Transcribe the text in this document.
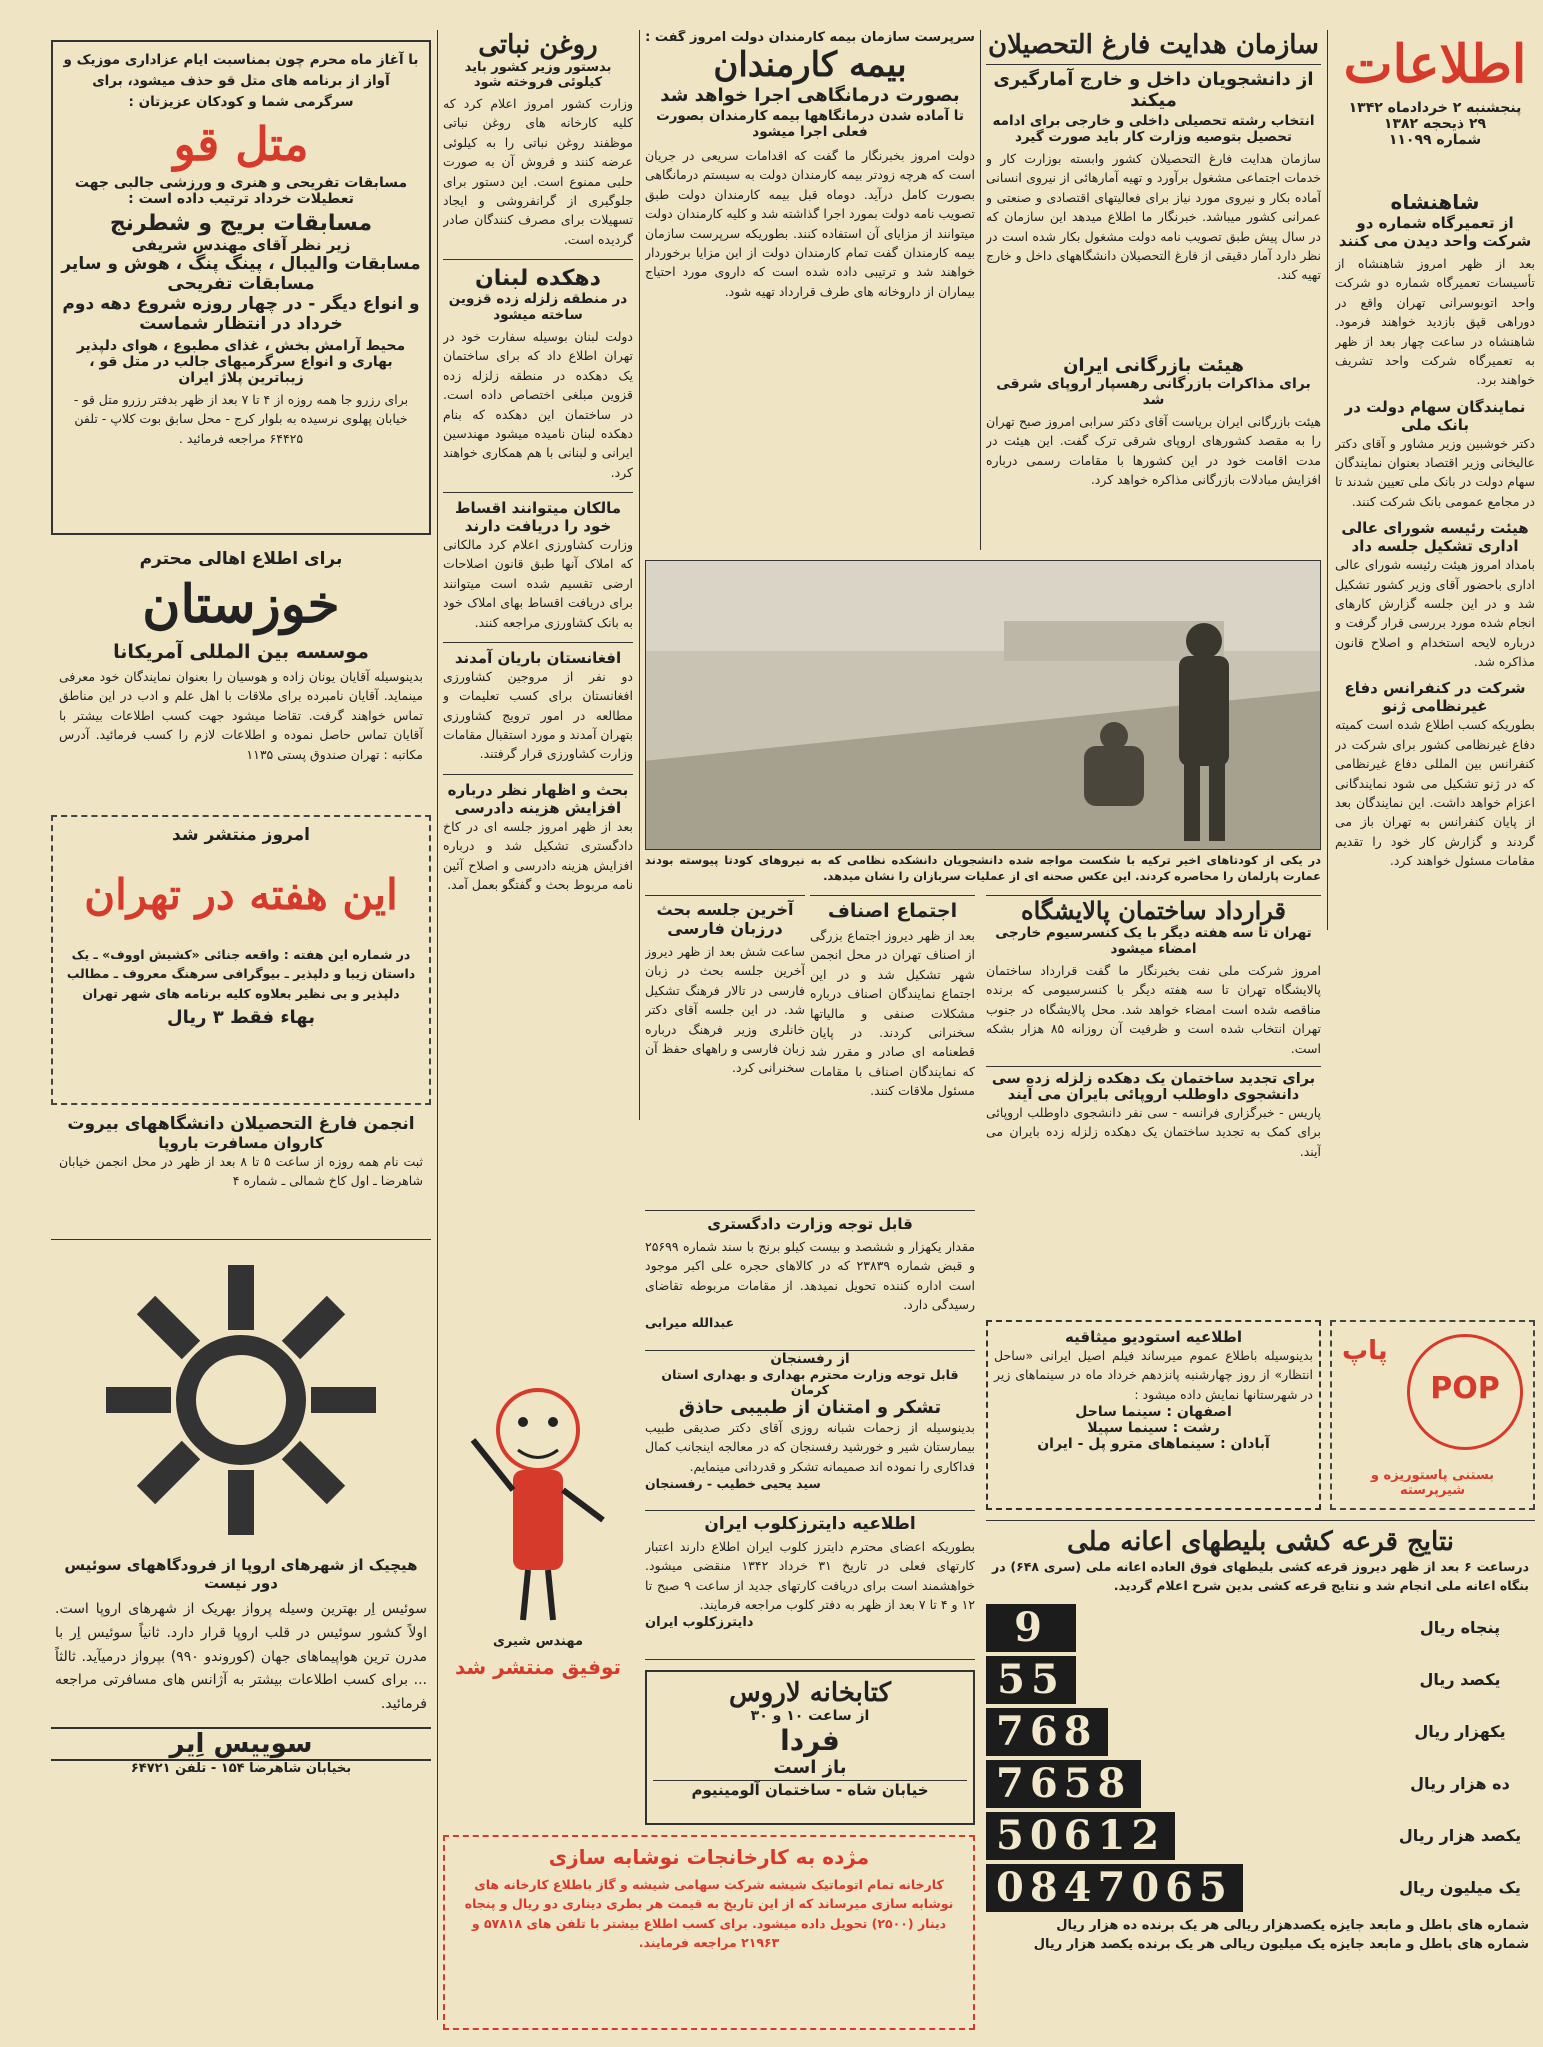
اطلاعات
پنجشنبه ۲ خردادماه ۱۳۴۲
۲۹ ذیحجه ۱۳۸۲
شماره ۱۱۰۹۹
شاهنشاه
از تعمیرگاه شماره دو شرکت واحد دیدن می کنند

بعد از ظهر امروز شاهنشاه از تأسیسات تعمیرگاه شماره دو شرکت واحد اتوبوسرانی تهران واقع در دوراهی قپق بازدید خواهند فرمود. شاهنشاه در ساعت چهار بعد از ظهر به تعمیرگاه شرکت واحد تشریف خواهند برد.

نمایندگان سهام دولت در بانک ملی

دکتر خوشبین وزیر مشاور و آقای دکتر عالیخانی وزیر اقتصاد بعنوان نمایندگان سهام دولت در بانک ملی تعیین شدند تا در مجامع عمومی بانک شرکت کنند.

هیئت رئیسه شورای عالی اداری تشکیل جلسه داد

بامداد امروز هیئت رئیسه شورای عالی اداری باحضور آقای وزیر کشور تشکیل شد و در این جلسه گزارش کارهای انجام شده مورد بررسی قرار گرفت و درباره لایحه استخدام و اصلاح قانون مذاکره شد.

شرکت در کنفرانس دفاع غیرنظامی ژنو

بطوریکه کسب اطلاع شده است کمیته دفاع غیرنظامی کشور برای شرکت در کنفرانس بین المللی دفاع غیرنظامی که در ژنو تشکیل می شود نمایندگانی اعزام خواهد داشت. این نمایندگان بعد از پایان کنفرانس به تهران باز می گردند و گزارش کار خود را تقدیم مقامات مسئول خواهند کرد.

سازمان هدایت فارغ التحصیلان
از دانشجویان داخل و خارج آمارگیری میکند
انتخاب رشته تحصیلی داخلی و خارجی برای ادامه تحصیل بتوصیه وزارت کار باید صورت گیرد

سازمان هدایت فارغ التحصیلان کشور وابسته بوزارت کار و خدمات اجتماعی مشغول برآورد و تهیه آمارهائی از نیروی انسانی آماده بکار و نیروی مورد نیاز برای فعالیتهای اقتصادی و صنعتی و عمرانی کشور میباشد. خبرنگار ما اطلاع میدهد این سازمان که در سال پیش طبق تصویب نامه دولت مشغول بکار شده است در نظر دارد آمار دقیقی از فارغ التحصیلان دانشگاههای داخل و خارج تهیه کند.

هیئت بازرگانی ایران
برای مذاکرات بازرگانی رهسپار اروپای شرقی شد

هیئت بازرگانی ایران بریاست آقای دکتر سرابی امروز صبح تهران را به مقصد کشورهای اروپای شرقی ترک گفت. این هیئت در مدت اقامت خود در این کشورها با مقامات رسمی درباره افزایش مبادلات بازرگانی مذاکره خواهد کرد.

سرپرست سازمان بیمه کارمندان دولت امروز گفت :
بیمه کارمندان
بصورت درمانگاهی اجرا خواهد شد
تا آماده شدن درمانگاهها بیمه کارمندان بصورت فعلی اجرا میشود

دولت امروز بخبرنگار ما گفت که اقدامات سریعی در جریان است که هرچه زودتر بیمه کارمندان دولت به سیستم درمانگاهی بصورت کامل درآید. دوماه قبل بیمه کارمندان دولت طبق تصویب نامه دولت بمورد اجرا گذاشته شد و کلیه کارمندان دولت میتوانند از مزایای آن استفاده کنند. بطوریکه سرپرست سازمان بیمه کارمندان گفت تمام کارمندان دولت از این مزایا برخوردار خواهند شد و ترتیبی داده شده است که داروی مورد احتیاج بیماران از داروخانه های طرف قرارداد تهیه شود.

روغن نباتی
بدستور وزیر کشور باید کیلوئی فروخته شود

وزارت کشور امروز اعلام کرد که کلیه کارخانه های روغن نباتی موظفند روغن نباتی را به کیلوئی عرضه کنند و فروش آن به صورت حلبی ممنوع است. این دستور برای جلوگیری از گرانفروشی و ایجاد تسهیلات برای مصرف کنندگان صادر گردیده است.

دهکده لبنان
در منطقه زلزله زده قزوین ساخته میشود

دولت لبنان بوسیله سفارت خود در تهران اطلاع داد که برای ساختمان یک دهکده در منطقه زلزله زده قزوین مبلغی اختصاص داده است. در ساختمان این دهکده که بنام دهکده لبنان نامیده میشود مهندسین ایرانی و لبنانی با هم همکاری خواهند کرد.

مالکان میتوانند اقساط خود را دریافت دارند

وزارت کشاورزی اعلام کرد مالکانی که املاک آنها طبق قانون اصلاحات ارضی تقسیم شده است میتوانند برای دریافت اقساط بهای املاک خود به بانک کشاورزی مراجعه کنند.

افغانستان باریان آمدند

دو نفر از مروجین کشاورزی افغانستان برای کسب تعلیمات و مطالعه در امور ترویج کشاورزی بتهران آمدند و مورد استقبال مقامات وزارت کشاورزی قرار گرفتند.

بحث و اظهار نظر درباره افزایش هزینه دادرسی

بعد از ظهر امروز جلسه ای در کاخ دادگستری تشکیل شد و درباره افزایش هزینه دادرسی و اصلاح آئین نامه مربوط بحث و گفتگو بعمل آمد.

با آغاز ماه محرم چون بمناسبت ایام عزاداری موزیک و آواز از برنامه های متل قو حذف میشود، برای سرگرمی شما و کودکان عزیزتان :

متل قو
مسابقات تفریحی و هنری و ورزشی جالبی جهت تعطیلات خرداد ترتیب داده است :
مسابقات بریج و شطرنج
زیر نظر آقای مهندس شریفی
مسابقات والیبال ، پینگ پنگ ، هوش و سایر مسابقات تفریحی
و انواع دیگر - در چهار روزه شروع دهه دوم خرداد در انتظار شماست
محیط آرامش بخش ، غذای مطبوع ، هوای دلپذیر بهاری و انواع سرگرمیهای جالب در متل قو ، زیباترین پلاژ ایران

برای رزرو جا همه روزه از ۴ تا ۷ بعد از ظهر بدفتر رزرو متل قو - خیابان پهلوی نرسیده به بلوار کرج - محل سابق بوت کلاپ - تلفن ۶۴۴۲۵ مراجعه فرمائید .

برای اطلاع اهالی محترم
خوزستان
موسسه بین المللی آمریکانا

بدینوسیله آقایان یونان زاده و هوسیان را بعنوان نمایندگان خود معرفی مینماید. آقایان نامبرده برای ملاقات با اهل علم و ادب در این مناطق تماس خواهند گرفت. تقاضا میشود جهت کسب اطلاعات بیشتر با آقایان تماس حاصل نموده و اطلاعات لازم را کسب فرمائید. آدرس مکاتبه : تهران صندوق پستی ۱۱۳۵

امروز منتشر شد
این هفته در تهران

در شماره این هفته : واقعه جنائی «کشیش اووف» ـ یک داستان زیبا و دلپذیر ـ بیوگرافی سرهنگ معروف ـ مطالب دلپذیر و بی نظیر بعلاوه کلیه برنامه های شهر تهران

بهاء فقط ۳ ریال
انجمن فارغ التحصیلان دانشگاههای بیروت
کاروان مسافرت باروپا

ثبت نام همه روزه از ساعت ۵ تا ۸ بعد از ظهر در محل انجمن خیابان شاهرضا ـ اول کاخ شمالی ـ شماره ۴

هیچیک از شهرهای اروپا از فرودگاههای سوئیس دور نیست

سوئیس اِر بهترین وسیله پرواز بهریک از شهرهای اروپا است. اولاً کشور سوئیس در قلب اروپا قرار دارد. ثانیاً سوئیس اِر با مدرن ترین هواپیماهای جهان (کوروندو ۹۹۰) بپرواز درمیآید. ثالثاً ... برای کسب اطلاعات بیشتر به آژانس های مسافرتی مراجعه فرمائید.

سوییس اِیر
بخیابان شاهرضا ۱۵۴ - تلفن ۶۴۷۲۱

در یکی از کودتاهای اخیر ترکیه با شکست مواجه شده دانشجویان دانشکده نظامی که به نیروهای کودتا پیوسته بودند عمارت پارلمان را محاصره کردند. این عکس صحنه ای از عملیات سربازان را نشان میدهد.

قرارداد ساختمان پالایشگاه
تهران تا سه هفته دیگر با یک کنسرسیوم خارجی امضاء میشود

امروز شرکت ملی نفت بخبرنگار ما گفت قرارداد ساختمان پالایشگاه تهران تا سه هفته دیگر با کنسرسیومی که برنده مناقصه شده است امضاء خواهد شد. محل پالایشگاه در جنوب تهران انتخاب شده است و ظرفیت آن روزانه ۸۵ هزار بشکه است.

برای تجدید ساختمان یک دهکده زلزله زده سی دانشجوی داوطلب اروپائی بایران می آیند

پاریس - خبرگزاری فرانسه - سی نفر دانشجوی داوطلب اروپائی برای کمک به تجدید ساختمان یک دهکده زلزله زده بایران می آیند.

اجتماع اصناف

بعد از ظهر دیروز اجتماع بزرگی از اصناف تهران در محل انجمن شهر تشکیل شد و در این اجتماع نمایندگان اصناف درباره مشکلات صنفی و مالیاتها سخنرانی کردند. در پایان قطعنامه ای صادر و مقرر شد که نمایندگان اصناف با مقامات مسئول ملاقات کنند.

آخرین جلسه بحث درزبان فارسی

ساعت شش بعد از ظهر دیروز آخرین جلسه بحث در زبان فارسی در تالار فرهنگ تشکیل شد. در این جلسه آقای دکتر خانلری وزیر فرهنگ درباره زبان فارسی و راههای حفظ آن سخنرانی کرد.

قابل توجه وزارت دادگستری

مقدار یکهزار و ششصد و بیست کیلو برنج با سند شماره ۲۵۶۹۹ و قبض شماره ۲۳۸۳۹ که در کالاهای حجره علی اکبر موجود است اداره کننده تحویل نمیدهد. از مقامات مربوطه تقاضای رسیدگی دارد.

عبدالله میرابی
از رفسنجان
قابل توجه وزارت محترم بهداری و بهداری استان کرمان
تشکر و امتنان از طبیبی حاذق

بدینوسیله از زحمات شبانه روزی آقای دکتر صدیقی طبیب بیمارستان شیر و خورشید رفسنجان که در معالجه اینجانب کمال فداکاری را نموده اند صمیمانه تشکر و قدردانی مینمایم.

سید یحیی خطیب - رفسنجان
اطلاعیه دایترزکلوب ایران

بطوریکه اعضای محترم دایترز کلوب ایران اطلاع دارند اعتبار کارتهای فعلی در تاریخ ۳۱ خرداد ۱۳۴۲ منقضی میشود. خواهشمند است برای دریافت کارتهای جدید از ساعت ۹ صبح تا ۱۲ و ۴ تا ۷ بعد از ظهر به دفتر کلوب مراجعه فرمایند.

دایترزکلوب ایران
اطلاعیه استودیو میثاقیه

بدینوسیله باطلاع عموم میرساند فیلم اصیل ایرانی «ساحل انتظار» از روز چهارشنبه پانزدهم خرداد ماه در سینماهای زیر در شهرستانها نمایش داده میشود :

اصفهان : سینما ساحل
رشت : سینما سپیلا
آبادان : سینماهای مترو پل - ایران
POP
پاپ
بستنی پاستوریزه و شیرپرسته
نتایج قرعه کشی بلیطهای اعانه ملی

درساعت ۶ بعد از ظهر دیروز قرعه کشی بلیطهای فوق العاده اعانه ملی (سری ۶۴۸) در بنگاه اعانه ملی انجام شد و نتایج قرعه کشی بدین شرح اعلام گردید.

پنجاه ریال
9
یکصد ریال
55
یکهزار ریال
768
ده هزار ریال
7658
یکصد هزار ریال
50612
یک میلیون ریال
0847065
شماره های باطل و مابعد جایزه یکصدهزار ریالی هر یک برنده ده هزار ریال
شماره های باطل و مابعد جایزه یک میلیون ریالی هر یک برنده یکصد هزار ریال
مهندس شیری
توفیق منتشر شد
کتابخانه لاروس
از ساعت ۱۰ و ۳۰
فردا
باز است
خیابان شاه - ساختمان آلومینیوم
مژده به کارخانجات نوشابه سازی

کارخانه تمام اتوماتیک شیشه شرکت سهامی شیشه و گاز باطلاع کارخانه های نوشابه سازی میرساند که از این تاریخ به قیمت هر بطری دیناری دو ریال و پنجاه دینار (۲۵۰۰) تحویل داده میشود. برای کسب اطلاع بیشتر با تلفن های ۵۷۸۱۸ و ۲۱۹۶۳ مراجعه فرمایند.
